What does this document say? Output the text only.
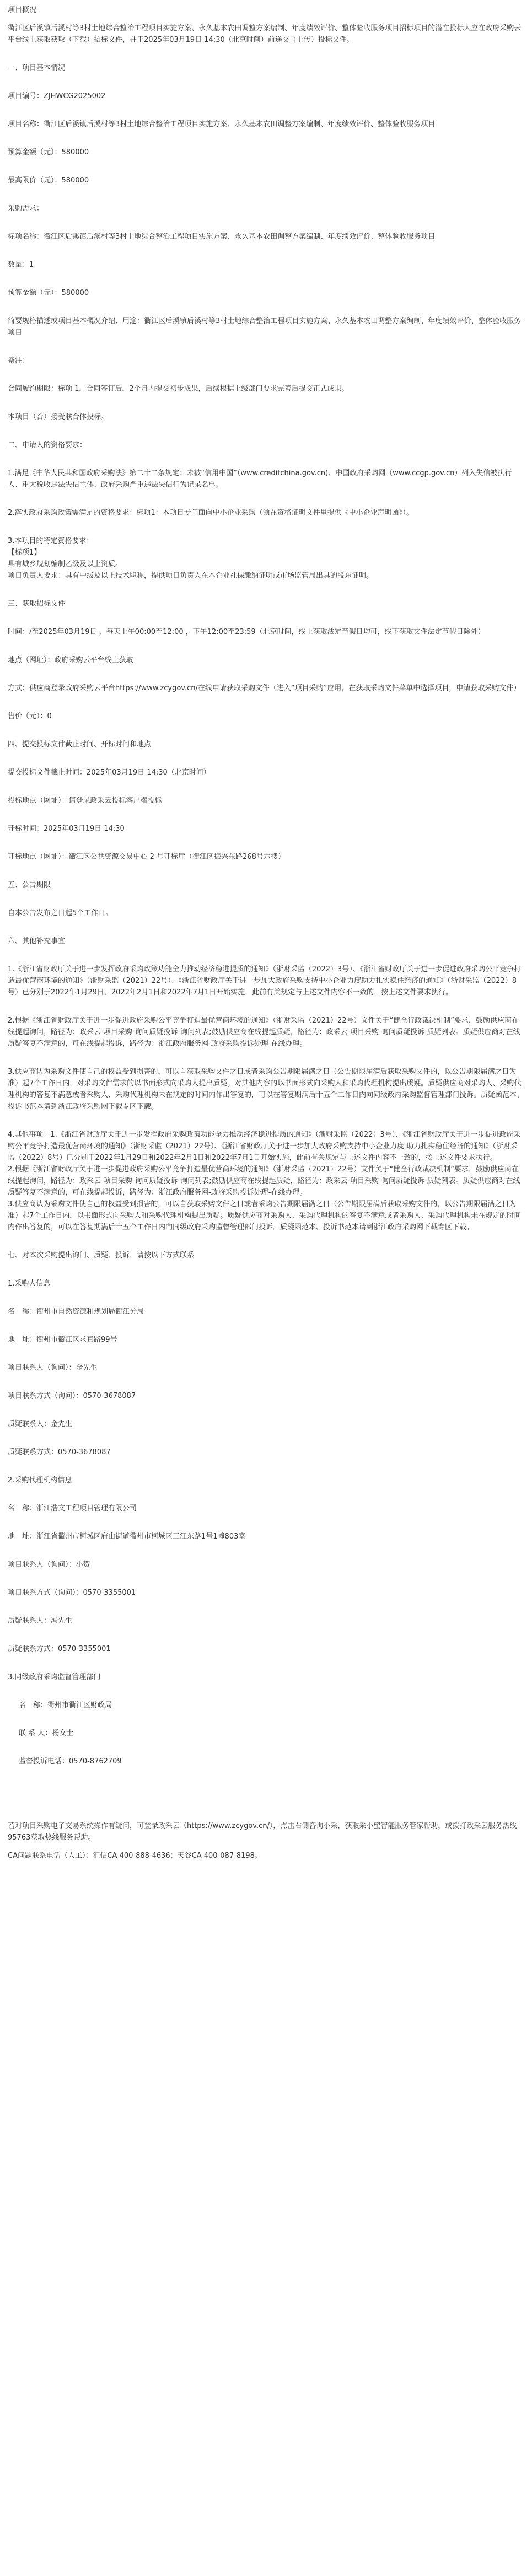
项目概况

衢江区后溪镇后溪村等3村土地综合整治工程项目实施方案、永久基本农田调整方案编制、年度绩效评价、整体验收服务项目招标项目的潜在投标人应在政府采购云平台线上获取获取（下载）招标文件，并于2025年03月19日 14:30（北京时间）前递交（上传）投标文件。

一、项目基本情况

项目编号：ZJHWCG2025002

项目名称：衢江区后溪镇后溪村等3村土地综合整治工程项目实施方案、永久基本农田调整方案编制、年度绩效评价、整体验收服务项目

预算金额（元）：580000

最高限价（元）：580000

采购需求：

标项名称：衢江区后溪镇后溪村等3村土地综合整治工程项目实施方案、永久基本农田调整方案编制、年度绩效评价、整体验收服务项目

数量：1

预算金额（元）：580000

简要规格描述或项目基本概况介绍、用途：衢江区后溪镇后溪村等3村土地综合整治工程项目实施方案、永久基本农田调整方案编制、年度绩效评价、整体验收服务项目

备注：

合同履约期限：标项 1，合同签订后，2个月内提交初步成果，后续根据上级部门要求完善后提交正式成果。

本项目（否）接受联合体投标。

二、申请人的资格要求：

1.满足《中华人民共和国政府采购法》第二十二条规定；未被“信用中国”（www.creditchina.gov.cn)、中国政府采购网（www.ccgp.gov.cn）列入失信被执行人、重大税收违法失信主体、政府采购严重违法失信行为记录名单。

2.落实政府采购政策需满足的资格要求：标项1：本项目专门面向中小企业采购（须在资格证明文件里提供《中小企业声明函》）。

3.本项目的特定资格要求：

【标项1】

具有城乡规划编制乙级及以上资质。

项目负责人要求：具有中级及以上技术职称，提供项目负责人在本企业社保缴纳证明或市场监管局出具的股东证明。

三、获取招标文件

时间：/至2025年03月19日 ，每天上午00:00至12:00 ，下午12:00至23:59（北京时间，线上获取法定节假日均可，线下获取文件法定节假日除外）

地点（网址）：政府采购云平台线上获取

方式：供应商登录政府采购云平台https://www.zcygov.cn/在线申请获取采购文件（进入“项目采购”应用，在获取采购文件菜单中选择项目，申请获取采购文件）

售价（元）：0

四、提交投标文件截止时间、开标时间和地点

提交投标文件截止时间：2025年03月19日 14:30（北京时间）

投标地点（网址）：请登录政采云投标客户端投标

开标时间：2025年03月19日 14:30

开标地点（网址）：衢江区公共资源交易中心 2 号开标厅（衢江区振兴东路268号六楼）

五、公告期限

自本公告发布之日起5个工作日。

六、其他补充事宜

1.《浙江省财政厅关于进一步发挥政府采购政策功能全力推动经济稳进提质的通知》（浙财采监（2022）3号）、《浙江省财政厅关于进一步促进政府采购公平竞争打造最优营商环境的通知》（浙财采监（2021）22号）、《浙江省财政厅关于进一步加大政府采购支持中小企业力度助力扎实稳住经济的通知》（浙财采监（2022）8号）已分别于2022年1月29日、2022年2月1日和2022年7月1日开始实施，此前有关规定与上述文件内容不一致的，按上述文件要求执行。

2.根据《浙江省财政厅关于进一步促进政府采购公平竞争打造最优营商环境的通知》（浙财采监（2021）22号）文件关于“健全行政裁决机制”要求，鼓励供应商在线提起询问，路径为：政采云-项目采购-询问质疑投诉-询问列表;鼓励供应商在线提起质疑，路径为：政采云-项目采购-询问质疑投诉-质疑列表。质疑供应商对在线质疑答复不满意的，可在线提起投诉，路径为：浙江政府服务网-政府采购投诉处理-在线办理。

3.供应商认为采购文件使自己的权益受到损害的，可以自获取采购文件之日或者采购公告期限届满之日（公告期限届满后获取采购文件的，以公告期限届满之日为准）起7个工作日内，对采购文件需求的以书面形式向采购人提出质疑。对其他内容的以书面形式向采购人和采购代理机构提出质疑。质疑供应商对采购人、采购代理机构的答复不满意或者采购人、采购代理机构未在规定的时间内作出答复的，可以在答复期满后十五个工作日内向同级政府采购监督管理部门投诉。质疑函范本、投诉书范本请到浙江政府采购网下载专区下载。

4.其他事项：1.《浙江省财政厅关于进一步发挥政府采购政策功能全力推动经济稳进提质的通知》（浙财采监（2022）3号）、《浙江省财政厅关于进一步促进政府采购公平竞争打造最优营商环境的通知》（浙财采监（2021）22号）、《浙江省财政厅关于进一步加大政府采购支持中小企业力度 助力扎实稳住经济的通知》（浙财采监（2022）8号）已分别于2022年1月29日和2022年2月1日和2022年7月1日开始实施，此前有关规定与上述文件内容不一致的，按上述文件要求执行。

2.根据《浙江省财政厅关于进一步促进政府采购公平竞争打造最优营商环境的通知》（浙财采监（2021）22号）文件关于“健全行政裁决机制”要求，鼓励供应商在线提起询问，路径为：政采云-项目采购-询问质疑投诉-询问列表;鼓励供应商在线提起质疑，路径为：政采云-项目采购-询问质疑投诉-质疑列表。质疑供应商对在线质疑答复不满意的，可在线提起投诉，路径为：浙江政府服务网-政府采购投诉处理-在线办理。

3.供应商认为采购文件使自己的权益受到损害的，可以自获取采购文件之日或者采购公告期限届满之日（公告期限届满后获取采购文件的，以公告期限届满之日为准）起7个工作日内，以书面形式向采购人和采购代理机构提出质疑。质疑供应商对采购人、采购代理机构的答复不满意或者采购人、采购代理机构未在规定的时间内作出答复的，可以在答复期满后十五个工作日内向同级政府采购监督管理部门投诉。质疑函范本、投诉书范本请到浙江政府采购网下载专区下载。

七、对本次采购提出询问、质疑、投诉，请按以下方式联系

1.采购人信息

名　称：衢州市自然资源和规划局衢江分局

地　址：衢州市衢江区求真路99号

项目联系人（询问）：金先生

项目联系方式（询问）：0570-3678087

质疑联系人：金先生

质疑联系方式：0570-3678087

2.采购代理机构信息

名　称：浙江浩文工程项目管理有限公司

地　址：浙江省衢州市柯城区府山街道衢州市柯城区三江东路1号1幢803室

项目联系人（询问）：小贺

项目联系方式（询问）：0570-3355001

质疑联系人：冯先生

质疑联系方式：0570-3355001

3.同级政府采购监督管理部门

名　称：衢州市衢江区财政局

联 系 人：杨女士

监督投诉电话：0570-8762709

若对项目采购电子交易系统操作有疑问，可登录政采云（https://www.zcygov.cn/），点击右侧咨询小采，获取采小蜜智能服务管家帮助，或拨打政采云服务热线95763获取热线服务帮助。

CA问题联系电话（人工）：汇信CA 400-888-4636；天谷CA 400-087-8198。
